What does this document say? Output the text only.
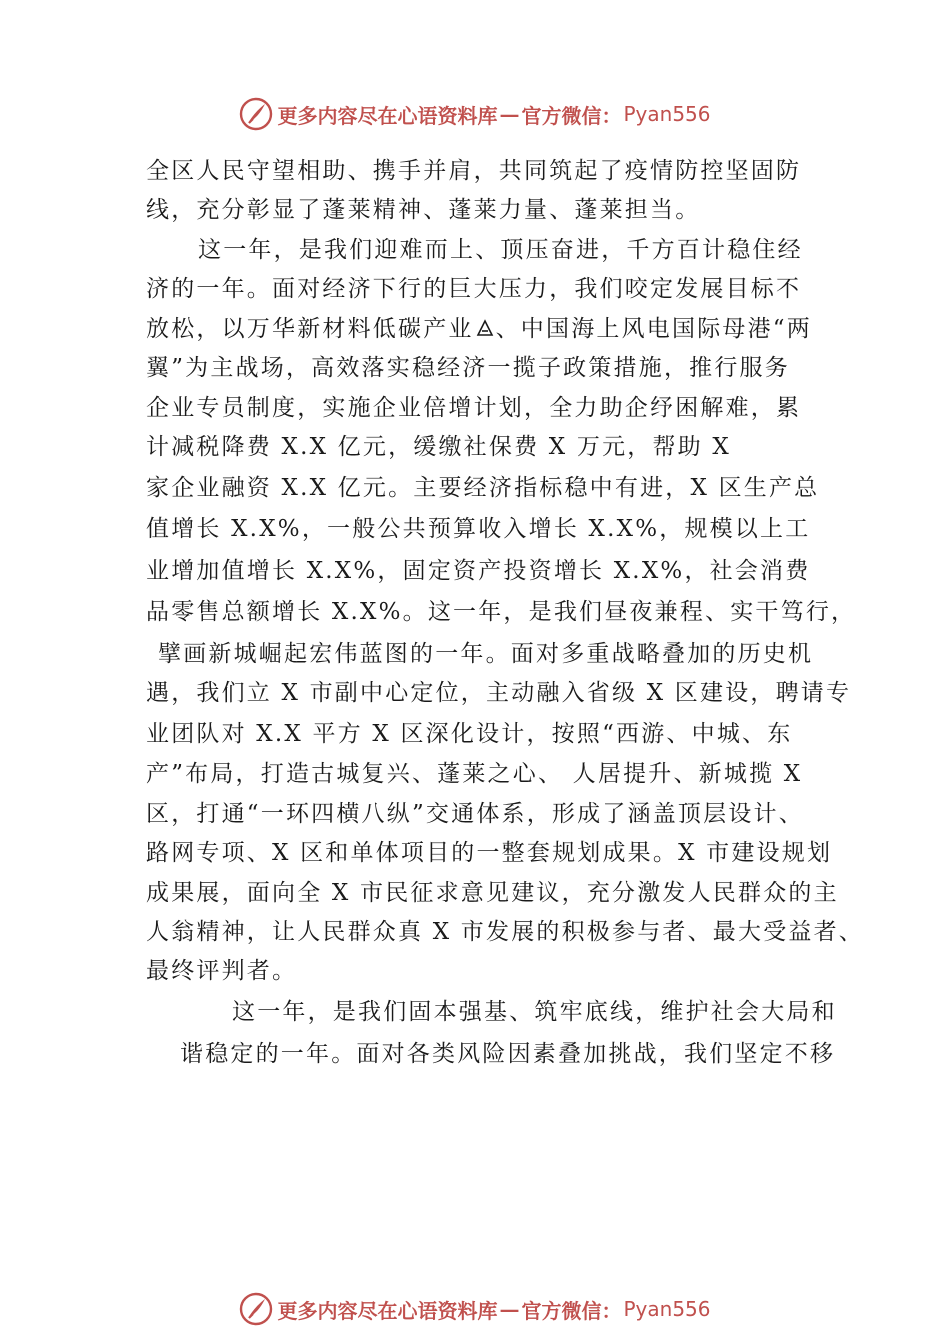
更多内容尽在心语资料库 — 官方微信： Pyan556

全区人民守望相助、携手并肩，共同筑起了疫情防控坚固防

线，充分彰显了蓬莱精神、蓬莱力量、蓬莱担当。

这一年，是我们迎难而上、顶压奋进，千方百计稳住经

济的一年。面对经济下行的巨大压力，我们咬定发展目标不

放松，以万华新材料低碳产业 、中国海上风电国际母港“两

翼”为主战场，高效落实稳经济一揽子政策措施，推行服务

企业专员制度，实施企业倍增计划，全力助企纾困解难，累

计减税降费 X.X 亿元，缓缴社保费 X 万元，帮助 X

家企业融资 X.X 亿元。主要经济指标稳中有进，X 区生产总

值增长 X.X%，一般公共预算收入增长 X.X%，规模以上工

业增加值增长 X.X%，固定资产投资增长 X.X%，社会消费

品零售总额增长 X.X%。这一年，是我们昼夜兼程、实干笃行，

擘画新城崛起宏伟蓝图的一年。面对多重战略叠加的历史机

遇，我们立 X 市副中心定位，主动融入省级 X 区建设，聘请专

业团队对 X.X 平方 X 区深化设计，按照“西游、中城、东

产”布局，打造古城复兴、蓬莱之心、 人居提升、新城揽 X

区，打通“一环四横八纵”交通体系，形成了涵盖顶层设计、

路网专项、X 区和单体项目的一整套规划成果。X 市建设规划

成果展，面向全 X 市民征求意见建议，充分激发人民群众的主

人翁精神，让人民群众真 X 市发展的积极参与者、最大受益者、

最终评判者。

这一年，是我们固本强基、筑牢底线，维护社会大局和

谐稳定的一年。面对各类风险因素叠加挑战，我们坚定不移

更多内容尽在心语资料库 — 官方微信： Pyan556
